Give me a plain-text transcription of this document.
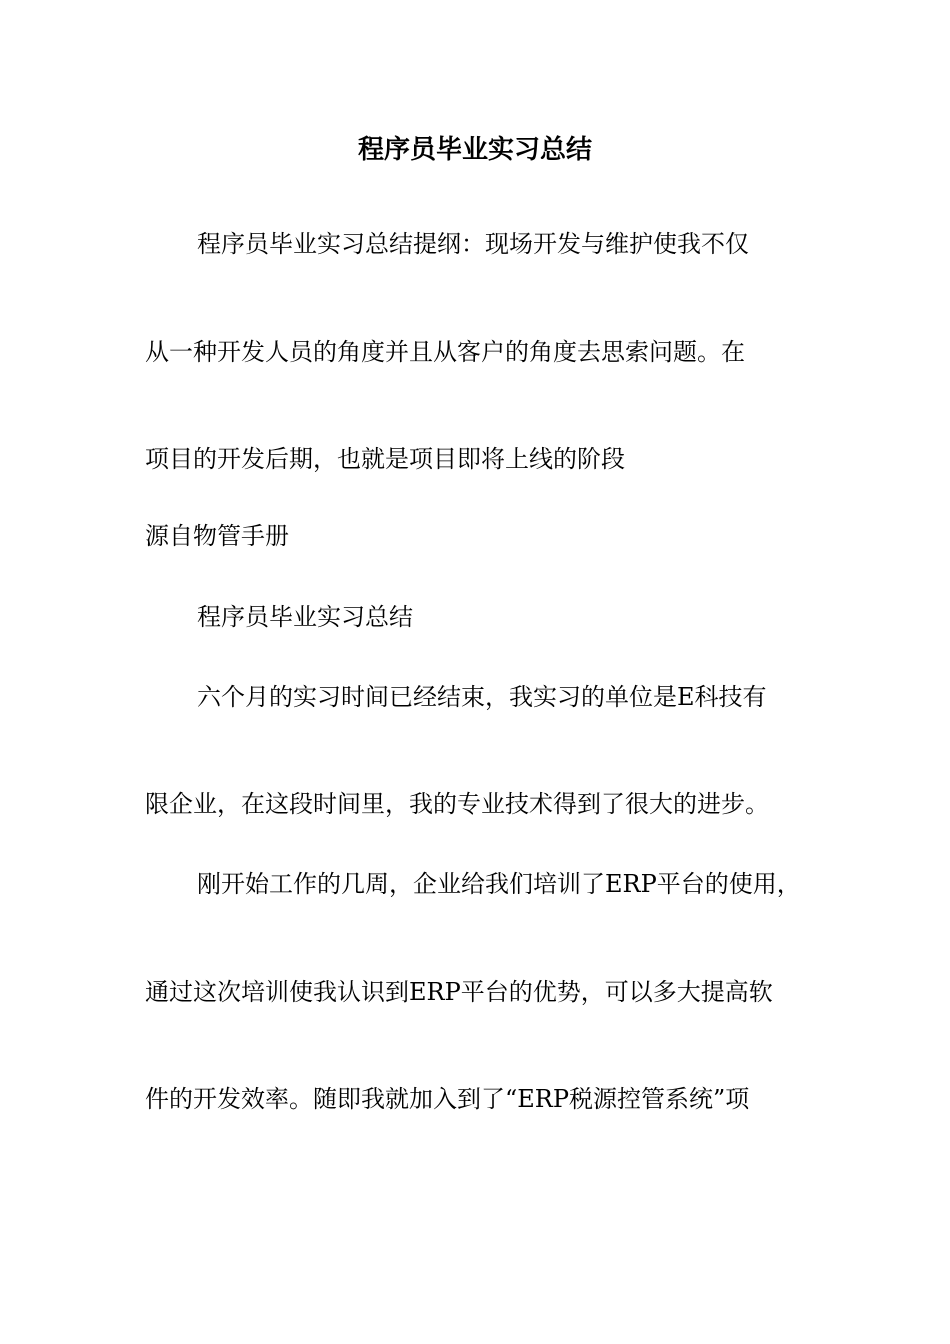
程序员毕业实习总结
程序员毕业实习总结提纲：现场开发与维护使我不仅
从一种开发人员的角度并且从客户的角度去思索问题。在
项目的开发后期，也就是项目即将上线的阶段
源自物管手册
程序员毕业实习总结
六个月的实习时间已经结束，我实习的单位是E科技有
限企业，在这段时间里，我的专业技术得到了很大的进步。
刚开始工作的几周，企业给我们培训了ERP平台的使用，
通过这次培训使我认识到ERP平台的优势，可以多大提高软
件的开发效率。随即我就加入到了“ERP税源控管系统”项
